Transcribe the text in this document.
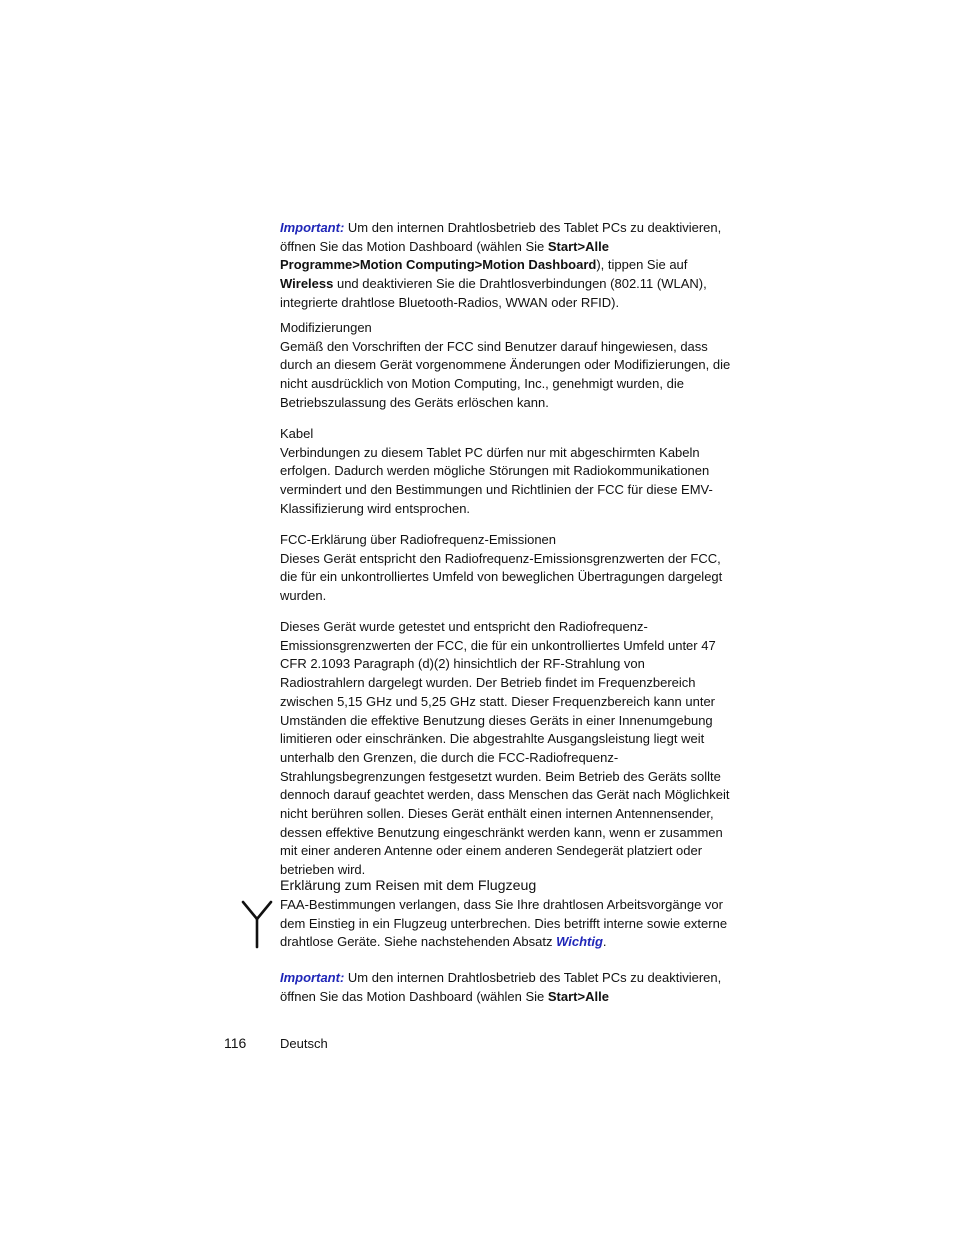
Important: Um den internen Drahtlosbetrieb des Tablet PCs zu deaktivieren, öffnen Sie das Motion Dashboard (wählen Sie Start>Alle Programme>Motion Computing>Motion Dashboard), tippen Sie auf Wireless und deaktivieren Sie die Drahtlosverbindungen (802.11 (WLAN), integrierte drahtlose Bluetooth-Radios, WWAN oder RFID).
Modifizierungen
Gemäß den Vorschriften der FCC sind Benutzer darauf hingewiesen, dass durch an diesem Gerät vorgenommene Änderungen oder Modifizierungen, die nicht ausdrücklich von Motion Computing, Inc., genehmigt wurden, die Betriebszulassung des Geräts erlöschen kann.
Kabel
Verbindungen zu diesem Tablet PC dürfen nur mit abgeschirmten Kabeln erfolgen. Dadurch werden mögliche Störungen mit Radiokommunikationen vermindert und den Bestimmungen und Richtlinien der FCC für diese EMV-Klassifizierung wird entsprochen.
FCC-Erklärung über Radiofrequenz-Emissionen
Dieses Gerät entspricht den Radiofrequenz-Emissionsgrenzwerten der FCC, die für ein unkontrolliertes Umfeld von beweglichen Übertragungen dargelegt wurden.
Dieses Gerät wurde getestet und entspricht den Radiofrequenz-Emissionsgrenzwerten der FCC, die für ein unkontrolliertes Umfeld unter 47 CFR 2.1093 Paragraph (d)(2) hinsichtlich der RF-Strahlung von Radiostrahlern dargelegt wurden. Der Betrieb findet im Frequenzbereich zwischen 5,15 GHz und 5,25 GHz statt. Dieser Frequenzbereich kann unter Umständen die effektive Benutzung dieses Geräts in einer Innenumgebung limitieren oder einschränken. Die abgestrahlte Ausgangsleistung liegt weit unterhalb den Grenzen, die durch die FCC-Radiofrequenz-Strahlungsbegrenzungen festgesetzt wurden. Beim Betrieb des Geräts sollte dennoch darauf geachtet werden, dass Menschen das Gerät nach Möglichkeit nicht berühren sollen. Dieses Gerät enthält einen internen Antennensender, dessen effektive Benutzung eingeschränkt werden kann, wenn er zusammen mit einer anderen Antenne oder einem anderen Sendegerät platziert oder betrieben wird.
Erklärung zum Reisen mit dem Flugzeug
FAA-Bestimmungen verlangen, dass Sie Ihre drahtlosen Arbeitsvorgänge vor dem Einstieg in ein Flugzeug unterbrechen. Dies betrifft interne sowie externe drahtlose Geräte. Siehe nachstehenden Absatz Wichtig.
Important: Um den internen Drahtlosbetrieb des Tablet PCs zu deaktivieren, öffnen Sie das Motion Dashboard (wählen Sie Start>Alle
116	Deutsch
